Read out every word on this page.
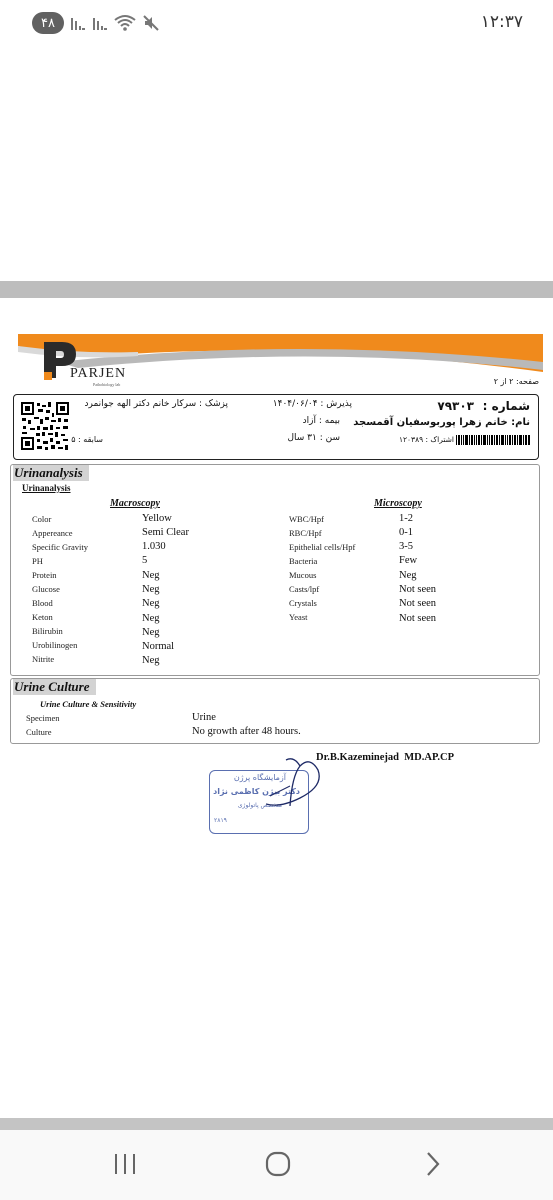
۴۸	۱۲:۳۷
PARJEN
Pathobiology lab	صفحه: ۲ از ۲
شماره :
۷۹۳۰۳
نام: خانم زهرا پوربوسفیان آقمسجد
اشتراک : ۱۲۰۳۸۹
پذیرش : ۱۴۰۴/۰۶/۰۴
بیمه : آزاد
سن : ۳۱ سال
پزشک : سرکار خانم دکتر الهه جوانمرد
سابقه : ۵
Urinanalysis
Urinanalysis
Macroscopy	Microscopy
Color	Yellow
Appereance	Semi Clear
Specific Gravity	1.030
PH	5
Protein	Neg
Glucose	Neg
Blood	Neg
Keton	Neg
Bilirubin	Neg
Urobilinogen	Normal
Nitrite	Neg
WBC/Hpf	1-2
RBC/Hpf	0-1
Epithelial cells/Hpf	3-5
Bacteria	Few
Mucous	Neg
Casts/lpf	Not seen
Crystals	Not seen
Yeast	Not seen
Urine Culture
Urine Culture & Sensitivity
Specimen	Urine
Culture	No growth after 48 hours.
Dr.B.Kazeminejad  MD.AP.CP
آزمایشگاه پرژن
دکتر بیژن کاظمی نژاد
متخصص پاتولوژی
۲۸۱۹
